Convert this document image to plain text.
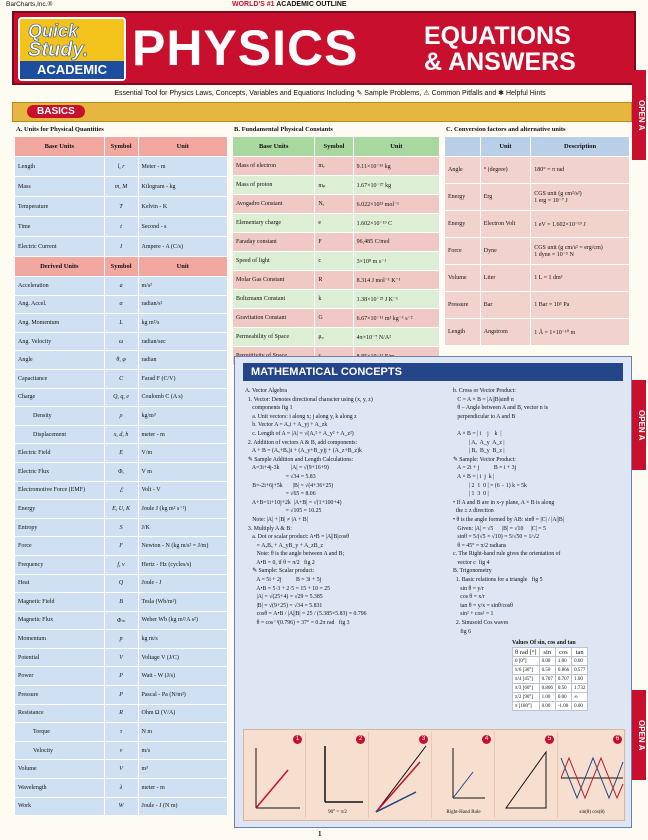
BarCharts,Inc.®	WORLD'S #1 ACADEMIC OUTLINE
Quick
Study.
ACADEMIC PHYSICS	EQUATIONS
& ANSWERS
Essential Tool for Physics Laws, Concepts, Variables and Equations Including ✎ Sample Problems, ⚠ Common Pitfalls and ✱ Helpful Hints
OPEN A
OPEN A
OPEN A
BASICS
A. Units for Physical Quantities
Base Units	Symbol	Unit
Length	l, r	Meter - m
Mass	m, M	Kilogram - kg
Temperature	T	Kelvin - K
Time	t	Second - s
Electric Current	I	Ampere - A (C/s)
Derived Units	Symbol	Unit
Acceleration	a	m/s²
Ang. Accel.	α	radian/s²
Ang. Momentum	L	kg m²/s
Ang. Velocity	ω	radian/sec
Angle	θ, φ	radian
Capacitance	C	Farad F (C/V)
Charge	Q, q, e	Coulomb C (A s)
Density	ρ	kg/m³
Displacement	x, d, h	meter - m
Electric Field	E	V/m
Electric Flux	Φₑ	V m
Electromotive Force (EMF)	ℰ	Volt - V
Energy	E, U, K	Joule J (kg m² s⁻²)
Entropy	S	J/K
Force	F	Newton - N (kg m/s² = J/m)
Frequency	f, ν	Hertz - Hz (cycles/s)
Heat	Q	Joule - J
Magnetic Field	B	Tesla (Wb/m²)
Magnetic Flux	Φₘ	Weber Wb (kg m²/A s²)
Momentum	p	kg m/s
Potential	V	Voltage V (J/C)
Power	P	Watt - W (J/s)
Pressure	P	Pascal - Pa (N/m²)
Resistance	R	Ohm Ω (V/A)
Torque	τ	N m
Velocity	v	m/s
Volume	V	m³
Wavelength	λ	meter - m
Work	W	Joule - J (N m)
B. Fundamental Physical Constants
Base Units	Symbol	Unit
Mass of electron	mₑ	9.11×10⁻³¹ kg
Mass of proton	mₚ	1.67×10⁻²⁷ kg
Avogadro Constant	Nₐ	6.022×10²³ mol⁻¹
Elementary charge	e	1.602×10⁻¹⁹ C
Faraday constant	F	96,485 C/mol
Speed of light	c	3×10⁸ m s⁻¹
Molar Gas Constant	R	8.314 J mol⁻¹ K⁻¹
Boltzmann Constant	k	1.38×10⁻²³ J K⁻¹
Gravitation Constant	G	6.67×10⁻¹¹ m³ kg⁻¹ s⁻²
Permeability of Space	μ₀	4π×10⁻⁷ N/A²

C. Conversion factors and alternative units
	Unit	Description
Angle	° (degree)	180° = π rad
Energy	Erg	CGS unit (g cm²/s²)
1 erg = 10⁻⁷ J
Energy	Electron Volt	1 eV = 1.602×10⁻¹⁹ J
Force	Dyne	CGS unit (g cm/s² = erg/cm)
1 dyne = 10⁻⁵ N
Volume	Liter	1 L = 1 dm³
Pressure	Bar	1 Bar = 10⁵ Pa
Length	Angstrom	1 Å = 1×10⁻¹⁰ m
MATHEMATICAL CONCEPTS
A. Vector Algebra
1. Vector: Denotes directional character using (x, y, z)
components fig 1
a. Unit vectors: i along x; j along y, k along z
b. Vector A = Aₓi + A_yj + A_zk
c. Length of A = |A| = √(Aₓ² + A_y² + A_z²)
2. Addition of vectors A & B, add components:
A + B = (Aₓ+Bₓ)i + (A_y+B_y)j + (A_z+B_z)k
✎ Sample Addition and Length Calculations:
A=3i+4j-3k        |A| = √(9+16+9)
= √34 = 5.83
B=-2i+6j+5k       |B| = √(4+36+25)
= √65 = 8.06
A+B=1i+10j+2k  |A+B| = √(1+100+4)
= √105 = 10.25
Note: |A| + |B| ≠ |A + B|
3. Multiply A & B:
a. Dot or scalar product: A•B = |A||B|cosθ
= AₓBₓ + A_yB_y + A_zB_z
Note: θ is the angle between A and B;
A•B = 0, if θ = π/2   fig 2
✎ Sample: Scalar product:
A = 5i + 2j          B = 3i + 5j
A•B = 5·3 + 2·5 = 15 + 10 = 25
|A| = √(25+4) = √29 = 5.385
|B| = √(9+25) = √34 = 5.831
cosθ = A•B / |A||B| = 25 / (5.385×5.83) = 0.796
θ = cos⁻¹(0.796) = 37° = 0.2π rad   fig 3
b. Cross or Vector Product:
C = A × B = |A||B|sinθ n
θ – Angle between A and B, vector n is
perpendicular to A and B

A × B = | i    j    k  |
| Aₓ  A_y  A_z |
| Bₓ  B_y  B_z |
✎ Sample: Vector Product:
A = 2i + j          B = i + 3j
A × B = | i  j  k |
| 2  1  0 | = (6 − 1) k = 5k
| 1  3  0 |
• If A and B are in x-y plane, A × B is along
the ± z direction
• θ is the angle formed by AB: sinθ = |C| / |A||B|
Given: |A| = √5      |B| = √10     |C| = 5
sinθ = 5/(√5 × √10) = 5/√50 = 1/√2
θ = 45° = π/2 radians
c. The Right-hand rule gives the orientation of
vector c  fig 4
B. Trigonometry
1. Basic relations for a triangle   fig 5
sin θ = y/r
cos θ = x/r
tan θ = y/x = sinθ/cosθ
sin² + cos² = 1
2. Sinusoid Cos waves
fig 6
Values Of sin, cos and tan
θ rad [°]	sin	cos	tan
0 [0°]	0.00	1.00	0.00
π/6 [30°]	0.50	0.866	0.577
π/4 [45°]	0.707	0.707	1.00
π/3 [60°]	0.866	0.50	1.732
π/2 [90°]	1.00	0.00	∞
π [180°]	0.00	-1.00	0.00
1	2
90° = π/2
3	4
Right-Hand Rule
5	6
sin(θ) cos(θ)
1
